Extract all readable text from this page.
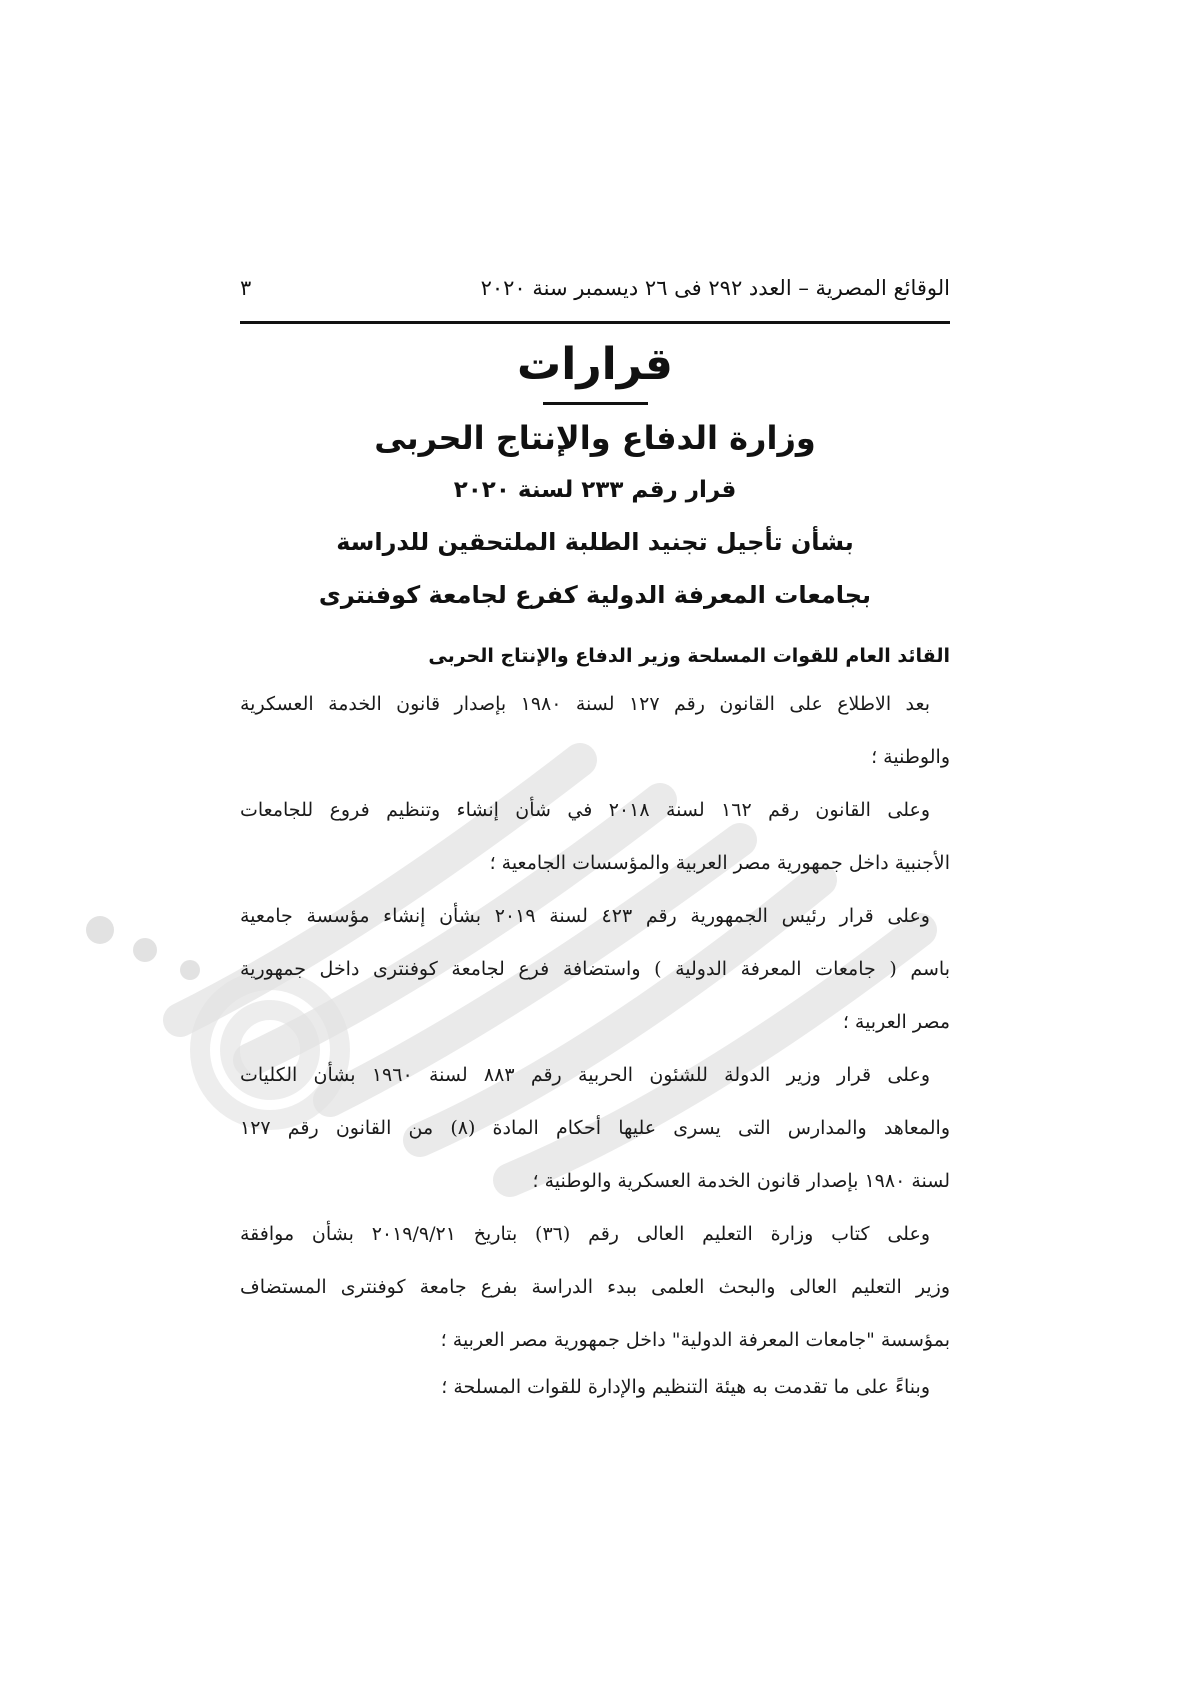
الوقائع المصرية – العدد ٢٩٢ فى ٢٦ ديسمبر سنة ٢٠٢٠
٣
قرارات
وزارة الدفاع والإنتاج الحربى
قرار رقم ٢٣٣ لسنة ٢٠٢٠
بشأن تأجيل تجنيد الطلبة الملتحقين للدراسة
بجامعات المعرفة الدولية كفرع لجامعة كوفنترى
القائد العام للقوات المسلحة وزير الدفاع والإنتاج الحربى
بعد الاطلاع على القانون رقم ١٢٧ لسنة ١٩٨٠ بإصدار قانون الخدمة العسكرية
والوطنية ؛
وعلى القانون رقم ١٦٢ لسنة ٢٠١٨ في شأن إنشاء وتنظيم فروع للجامعات
الأجنبية داخل جمهورية مصر العربية والمؤسسات الجامعية ؛
وعلى قرار رئيس الجمهورية رقم ٤٢٣ لسنة ٢٠١٩ بشأن إنشاء مؤسسة جامعية
باسم ( جامعات المعرفة الدولية ) واستضافة فرع لجامعة كوفنترى داخل جمهورية
مصر العربية ؛
وعلى قرار وزير الدولة للشئون الحربية رقم ٨٨٣ لسنة ١٩٦٠ بشأن الكليات
والمعاهد والمدارس التى يسرى عليها أحكام المادة (٨) من القانون رقم ١٢٧
لسنة ١٩٨٠ بإصدار قانون الخدمة العسكرية والوطنية ؛
وعلى كتاب وزارة التعليم العالى رقم (٣٦) بتاريخ ٢٠١٩/٩/٢١ بشأن موافقة
وزير التعليم العالى والبحث العلمى ببدء الدراسة بفرع جامعة كوفنترى المستضاف
بمؤسسة "جامعات المعرفة الدولية" داخل جمهورية مصر العربية ؛
وبناءً على ما تقدمت به هيئة التنظيم والإدارة للقوات المسلحة ؛
